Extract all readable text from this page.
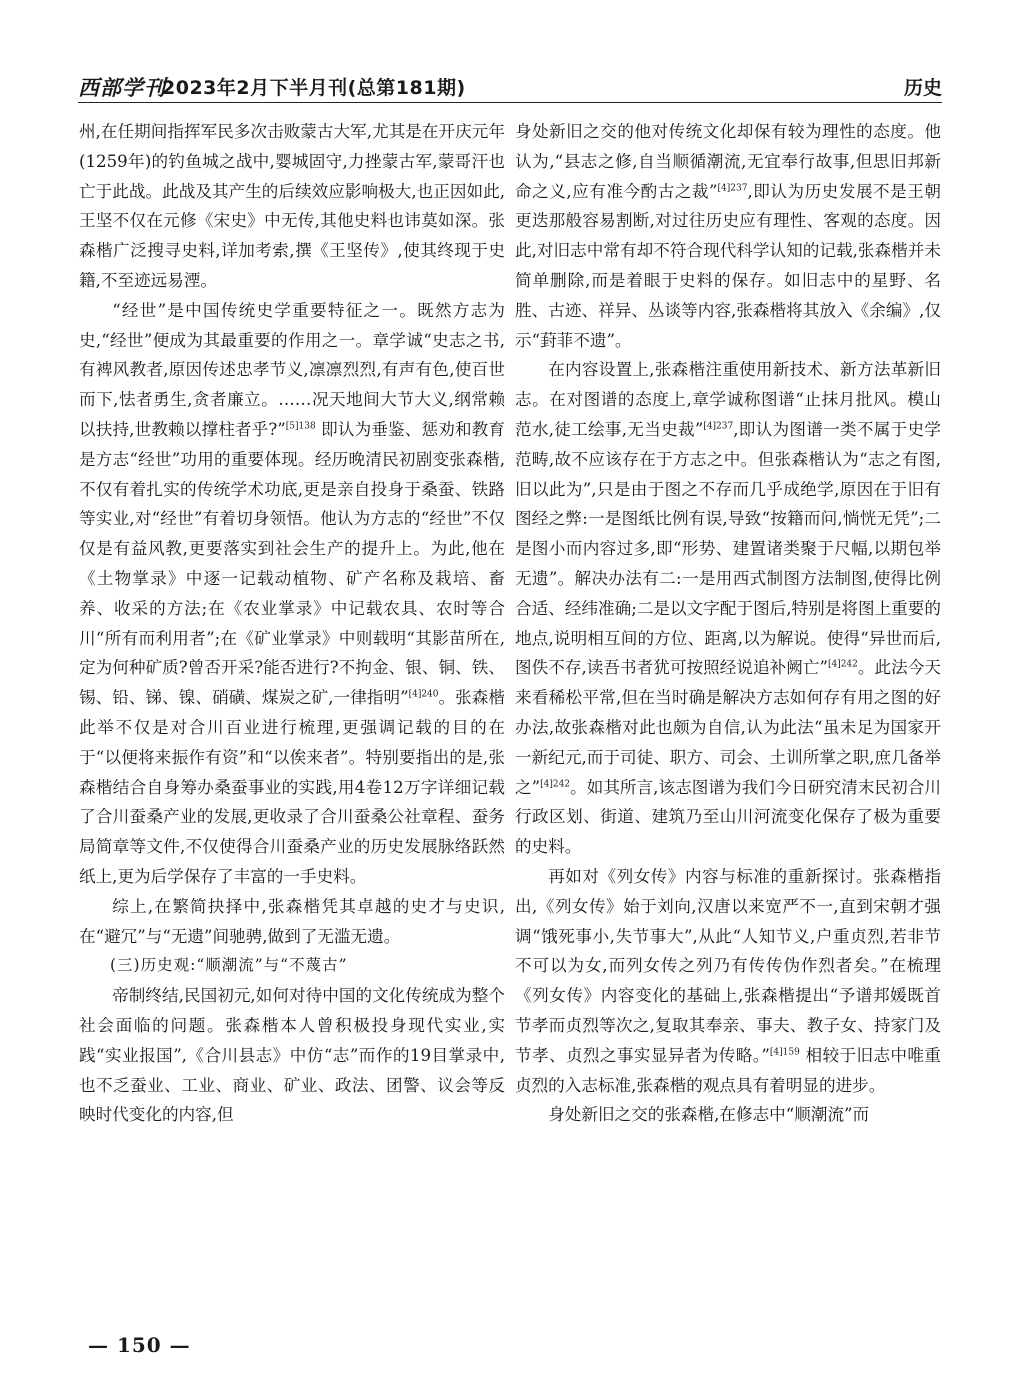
西部学刊
2023年2月下半月刊(总第181期)	历史

州,在任期间指挥军民多次击败蒙古大军,尤其是在开庆元年(1259年)的钓鱼城之战中,婴城固守,力挫蒙古军,蒙哥汗也亡于此战。此战及其产生的后续效应影响极大,也正因如此,王坚不仅在元修《宋史》中无传,其他史料也讳莫如深。张森楷广泛搜寻史料,详加考索,撰《王坚传》,使其终现于史籍,不至迹远易湮。

“经世”是中国传统史学重要特征之一。既然方志为史,“经世”便成为其最重要的作用之一。章学诚“史志之书,有裨风教者,原因传述忠孝节义,凛凛烈烈,有声有色,使百世而下,怯者勇生,贪者廉立。……况天地间大节大义,纲常赖以扶持,世教赖以撑柱者乎?”$^{[5]138}$ 即认为垂鉴、惩劝和教育是方志“经世”功用的重要体现。经历晚清民初剧变张森楷,不仅有着扎实的传统学术功底,更是亲自投身于桑蚕、铁路等实业,对“经世”有着切身领悟。他认为方志的“经世”不仅仅是有益风教,更要落实到社会生产的提升上。为此,他在《土物掌录》中逐一记载动植物、矿产名称及栽培、畜养、收采的方法;在《农业掌录》中记载农具、农时等合川“所有而利用者”;在《矿业掌录》中则载明“其影苗所在,定为何种矿质?曾否开采?能否进行?不拘金、银、铜、铁、锡、铅、锑、镍、硝磺、煤炭之矿,一律指明”$^{[4]240}$。张森楷此举不仅是对合川百业进行梳理,更强调记载的目的在于“以便将来振作有资”和“以俟来者”。特别要指出的是,张森楷结合自身筹办桑蚕事业的实践,用4卷12万字详细记载了合川蚕桑产业的发展,更收录了合川蚕桑公社章程、蚕务局简章等文件,不仅使得合川蚕桑产业的历史发展脉络跃然纸上,更为后学保存了丰富的一手史料。

综上,在繁简抉择中,张森楷凭其卓越的史才与史识,在“避冗”与“无遗”间驰骋,做到了无滥无遗。

(三)历史观:“顺潮流”与“不蔑古”

帝制终结,民国初元,如何对待中国的文化传统成为整个社会面临的问题。张森楷本人曾积极投身现代实业,实践“实业报国”,《合川县志》中仿“志”而作的19目掌录中,也不乏蚕业、工业、商业、矿业、政法、团警、议会等反映时代变化的内容,但

身处新旧之交的他对传统文化却保有较为理性的态度。他认为,“县志之修,自当顺循潮流,无宜奉行故事,但思旧邦新命之义,应有准今酌古之裁”$^{[4]237}$,即认为历史发展不是王朝更迭那般容易割断,对过往历史应有理性、客观的态度。因此,对旧志中常有却不符合现代科学认知的记载,张森楷并未简单删除,而是着眼于史料的保存。如旧志中的星野、名胜、古迹、祥异、丛谈等内容,张森楷将其放入《余编》,仅示“葑菲不遗”。

在内容设置上,张森楷注重使用新技术、新方法革新旧志。在对图谱的态度上,章学诚称图谱“止抹月批风。模山范水,徒工绘事,无当史裁”$^{[4]237}$,即认为图谱一类不属于史学范畴,故不应该存在于方志之中。但张森楷认为“志之有图,旧以此为”,只是由于图之不存而几乎成绝学,原因在于旧有图经之弊:一是图纸比例有误,导致“按籍而问,惝恍无凭”;二是图小而内容过多,即“形势、建置诸类聚于尺幅,以期包举无遗”。解决办法有二:一是用西式制图方法制图,使得比例合适、经纬准确;二是以文字配于图后,特别是将图上重要的地点,说明相互间的方位、距离,以为解说。使得“异世而后,图佚不存,读吾书者犹可按照经说追补阙亡”$^{[4]242}$。此法今天来看稀松平常,但在当时确是解决方志如何存有用之图的好办法,故张森楷对此也颇为自信,认为此法“虽未足为国家开一新纪元,而于司徒、职方、司会、土训所掌之职,庶几备举之”$^{[4]242}$。如其所言,该志图谱为我们今日研究清末民初合川行政区划、街道、建筑乃至山川河流变化保存了极为重要的史料。

再如对《列女传》内容与标准的重新探讨。张森楷指出,《列女传》始于刘向,汉唐以来宽严不一,直到宋朝才强调“饿死事小,失节事大”,从此“人知节义,户重贞烈,若非节不可以为女,而列女传之列乃有传传伪作烈者矣。”在梳理《列女传》内容变化的基础上,张森楷提出“予谱邦媛既首节孝而贞烈等次之,复取其奉亲、事夫、教子女、持家门及节孝、贞烈之事实显异者为传略。”$^{[4]159}$ 相较于旧志中唯重贞烈的入志标准,张森楷的观点具有着明显的进步。

身处新旧之交的张森楷,在修志中“顺潮流”而

— 150 —
